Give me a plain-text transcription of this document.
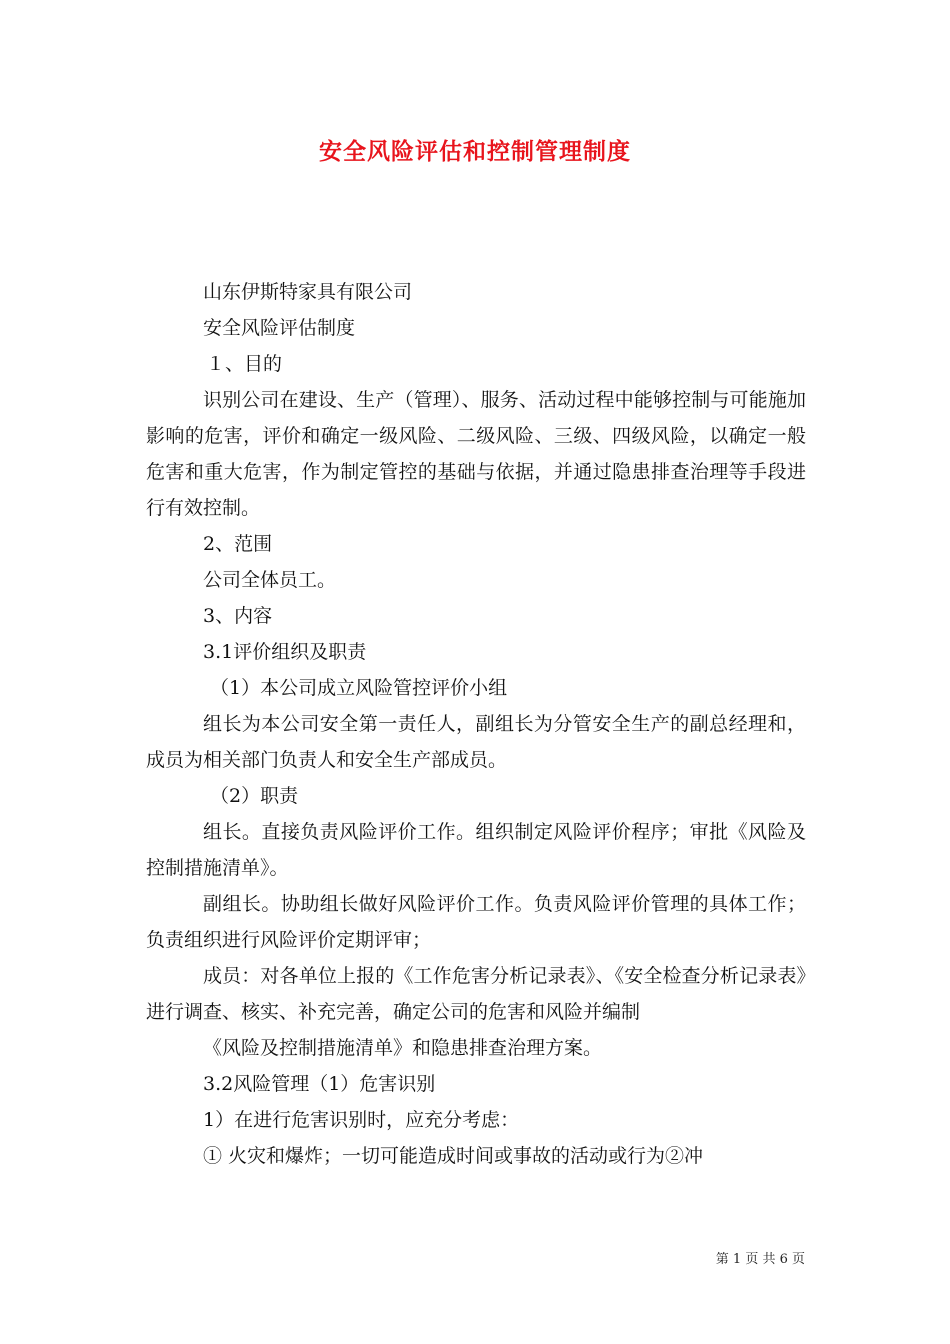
安全风险评估和控制管理制度

山东伊斯特家具有限公司

安全风险评估制度

１、目的

识别公司在建设、生产（管理）、服务、活动过程中能够控制与可能施加影响的危害，评价和确定一级风险、二级风险、三级、四级风险，以确定一般危害和重大危害，作为制定管控的基础与依据，并通过隐患排查治理等手段进行有效控制。

2、范围

公司全体员工。

3、内容

3.1评价组织及职责

（1）本公司成立风险管控评价小组

组长为本公司安全第一责任人，副组长为分管安全生产的副总经理和，成员为相关部门负责人和安全生产部成员。

（2）职责

组长。直接负责风险评价工作。组织制定风险评价程序；审批《风险及控制措施清单》。

副组长。协助组长做好风险评价工作。负责风险评价管理的具体工作；负责组织进行风险评价定期评审；

成员：对各单位上报的《工作危害分析记录表》、《安全检查分析记录表》进行调查、核实、补充完善，确定公司的危害和风险并编制

《风险及控制措施清单》和隐患排查治理方案。

3.2风险管理（1）危害识别

1）在进行危害识别时，应充分考虑：

① 火灾和爆炸；一切可能造成时间或事故的活动或行为②冲

第 1 页 共 6 页
